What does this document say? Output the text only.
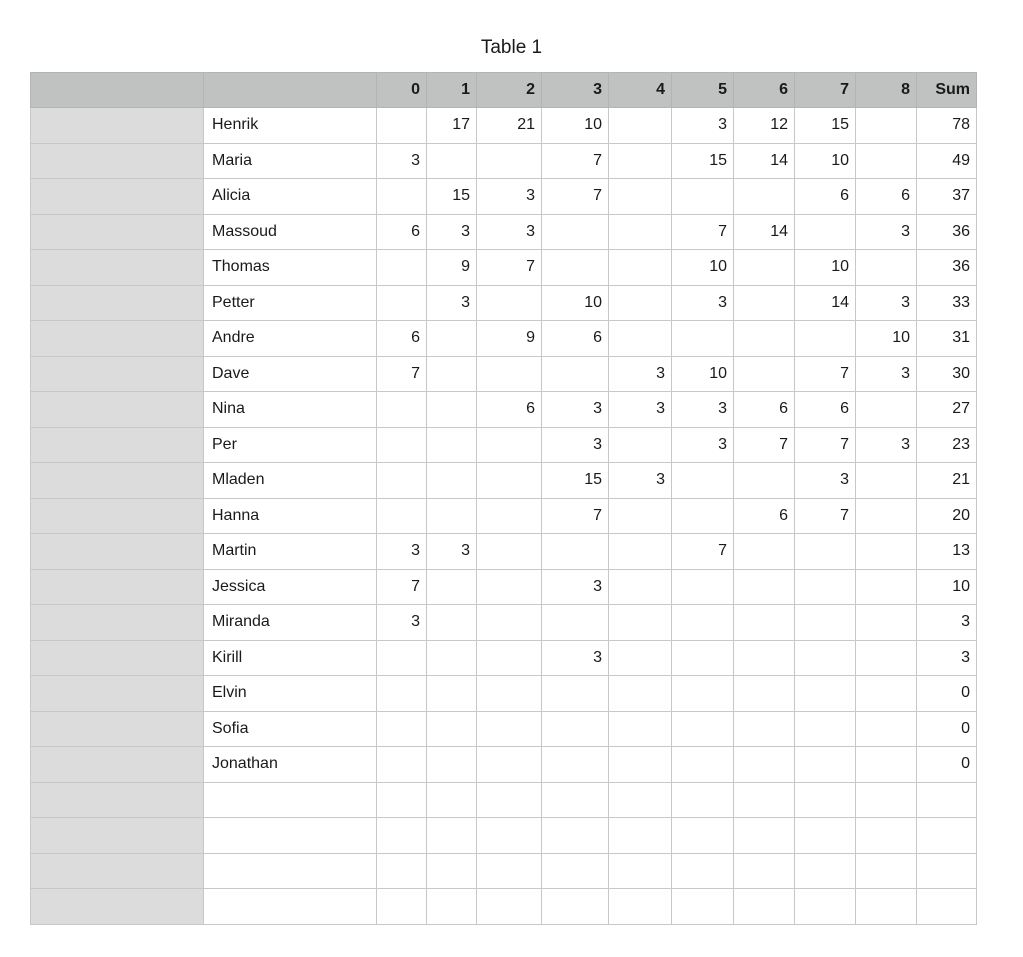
Table 1
		0	1	2	3	4	5	6	7	8	Sum
	Henrik		17	21	10		3	12	15		78
	Maria	3			7		15	14	10		49
	Alicia		15	3	7				6	6	37
	Massoud	6	3	3			7	14		3	36
	Thomas		9	7			10		10		36
	Petter		3		10		3		14	3	33
	Andre	6		9	6					10	31
	Dave	7				3	10		7	3	30
	Nina			6	3	3	3	6	6		27
	Per				3		3	7	7	3	23
	Mladen				15	3			3		21
	Hanna				7			6	7		20
	Martin	3	3				7				13
	Jessica	7			3						10
	Miranda	3									3
	Kirill				3						3
	Elvin										0
	Sofia										0
	Jonathan										0
